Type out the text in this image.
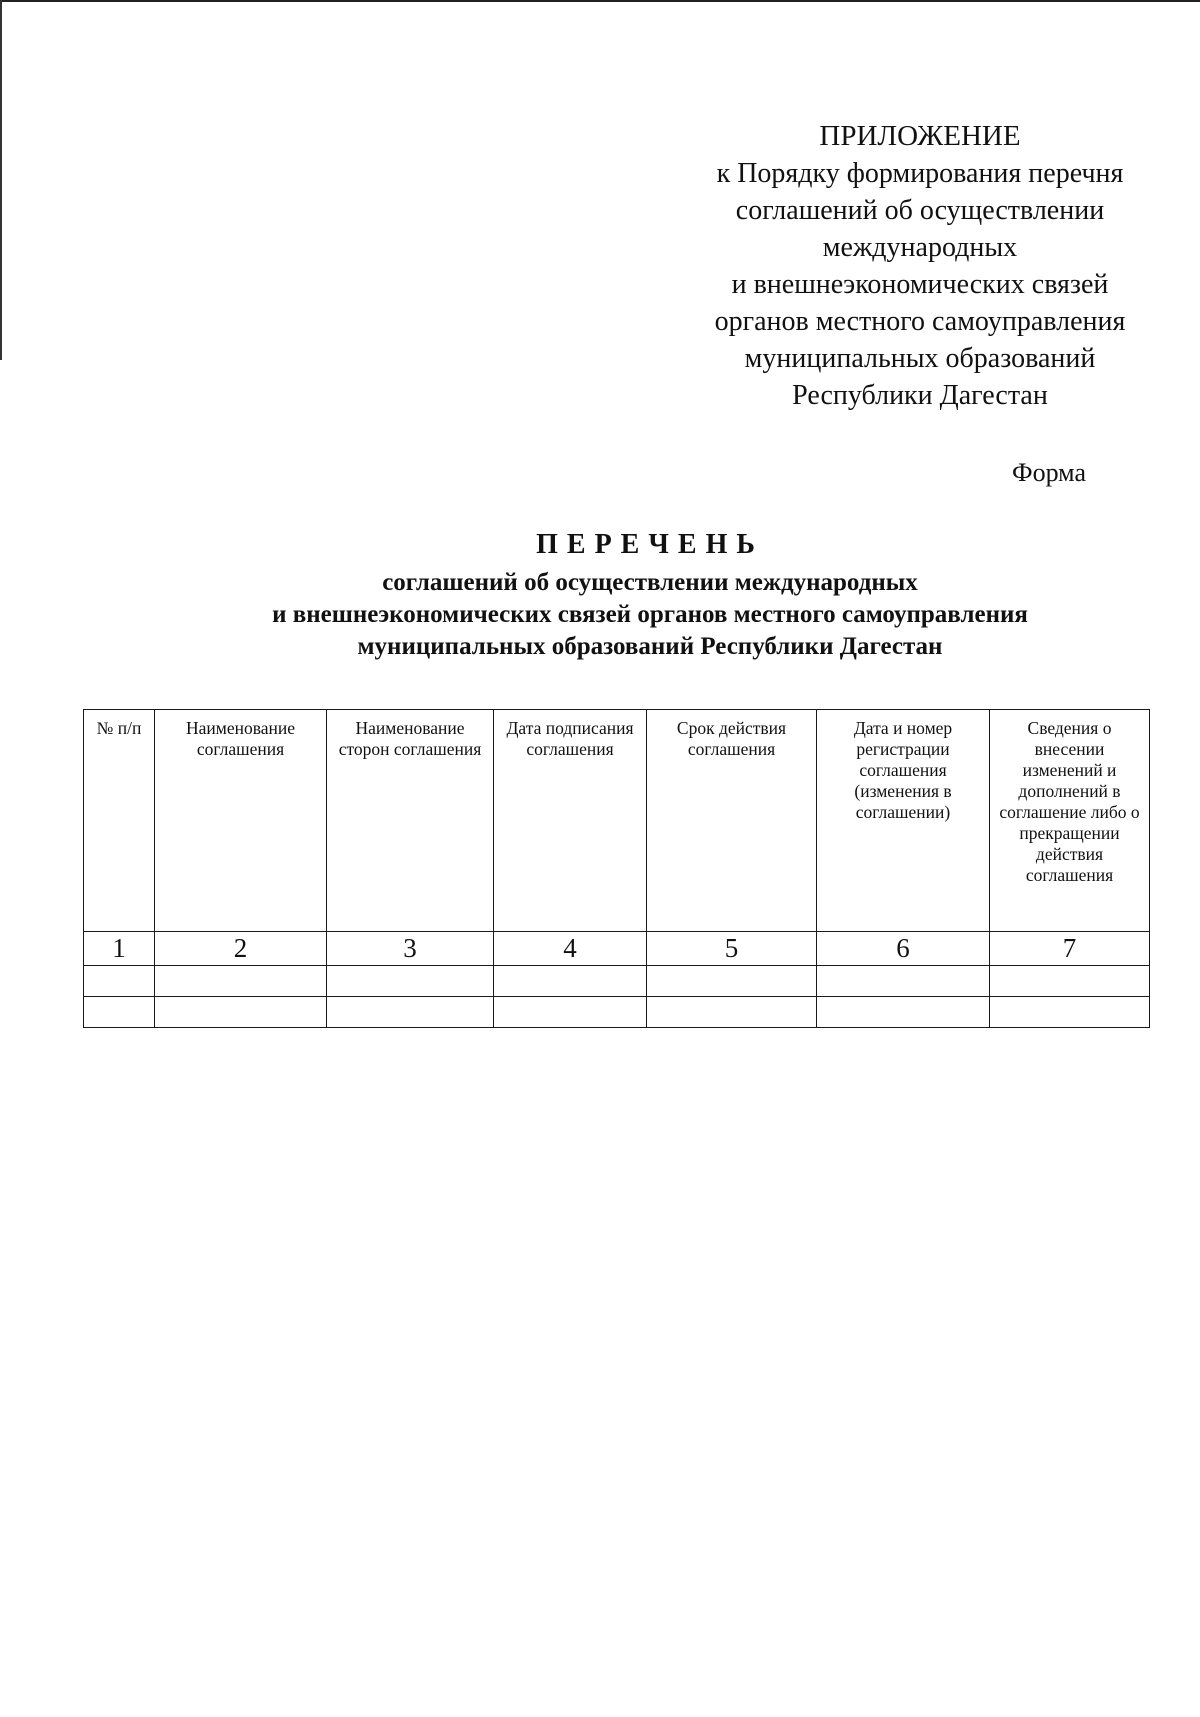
ПРИЛОЖЕНИЕ
к Порядку формирования перечня
соглашений об осуществлении
международных
и внешнеэкономических связей
органов местного самоуправления
муниципальных образований
Республики Дагестан
Форма
ПЕРЕЧЕНЬ
соглашений об осуществлении международных
и внешнеэкономических связей органов местного самоуправления
муниципальных образований Республики Дагестан
№ п/п	Наименование соглашения	Наименование сторон соглашения	Дата подписания соглашения	Срок действия соглашения	Дата и номер регистрации соглашения (изменения в соглашении)	Сведения о внесении изменений и дополнений в соглашение либо о прекращении действия соглашения

1	2	3	4	5	6	7
